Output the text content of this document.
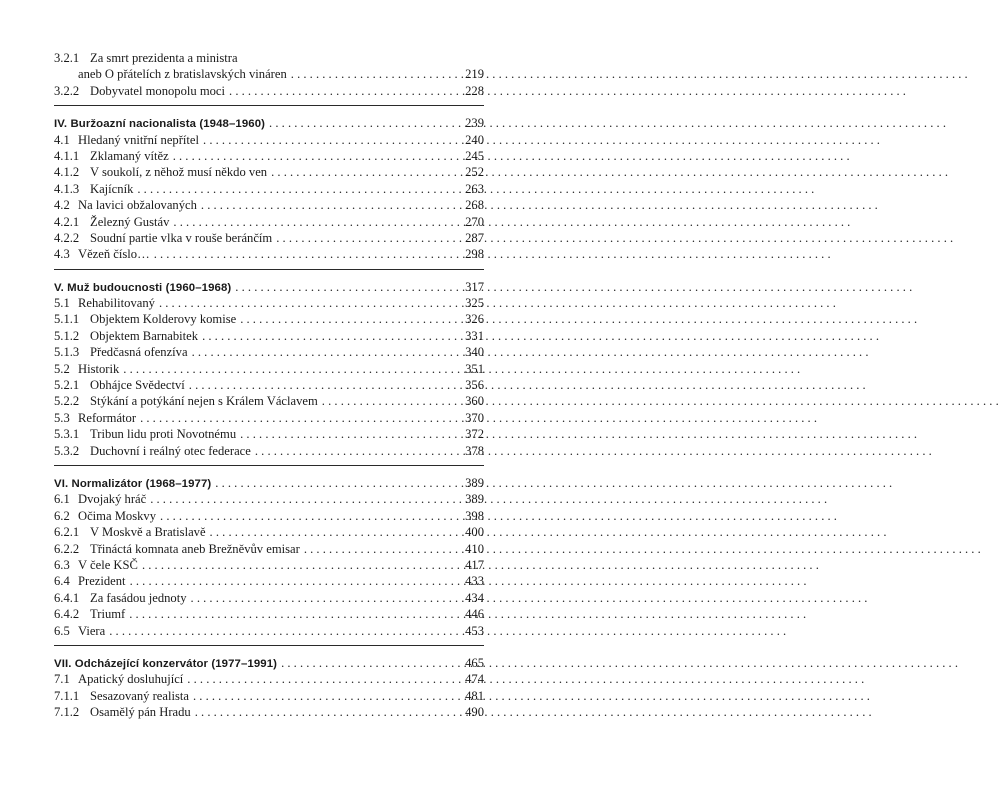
3.2.1 Za smrt prezidenta a ministra
aneb O přátelích z bratislavských vináren . . .	219
3.2.2 Dobyvatel monopolu moci . . .	228
IV. Buržoazní nacionalista (1948–1960) . . .	239
4.1 Hledaný vnitřní nepřítel . . .	240
4.1.1 Zklamaný vítěz . . .	245
4.1.2 V soukolí, z něhož musí někdo ven . . .	252
4.1.3 Kajícník . . .	263
4.2 Na lavici obžalovaných . . .	268
4.2.1 Železný Gustáv . . .	270
4.2.2 Soudní partie vlka v rouše beránčím . . .	287
4.3 Vězeň číslo… . . .	298
V. Muž budoucnosti (1960–1968) . . .	317
5.1 Rehabilitovaný . . .	325
5.1.1 Objektem Kolderovy komise . . .	326
5.1.2 Objektem Barnabitek . . .	331
5.1.3 Předčasná ofenzíva . . .	340
5.2 Historik . . .	351
5.2.1 Obhájce Svědectví . . .	356
5.2.2 Stýkání a potýkání nejen s Králem Václavem . . .	360
5.3 Reformátor . . .	370
5.3.1 Tribun lidu proti Novotnému . . .	372
5.3.2 Duchovní i reálný otec federace . . .	378
VI. Normalizátor (1968–1977) . . .	389
6.1 Dvojaký hráč . . .	389
6.2 Očima Moskvy . . .	398
6.2.1 V Moskvě a Bratislavě . . .	400
6.2.2 Třináctá komnata aneb Brežněvův emisar . . .	410
6.3 V čele KSČ . . .	417
6.4 Prezident . . .	433
6.4.1 Za fasádou jednoty . . .	434
6.4.2 Triumf . . .	446
6.5 Viera . . .	453
VII. Odcházející konzervátor (1977–1991) . . .	465
7.1 Apatický dosluhující . . .	474
7.1.1 Sesazovaný realista . . .	481
7.1.2 Osamělý pán Hradu . . .	490
